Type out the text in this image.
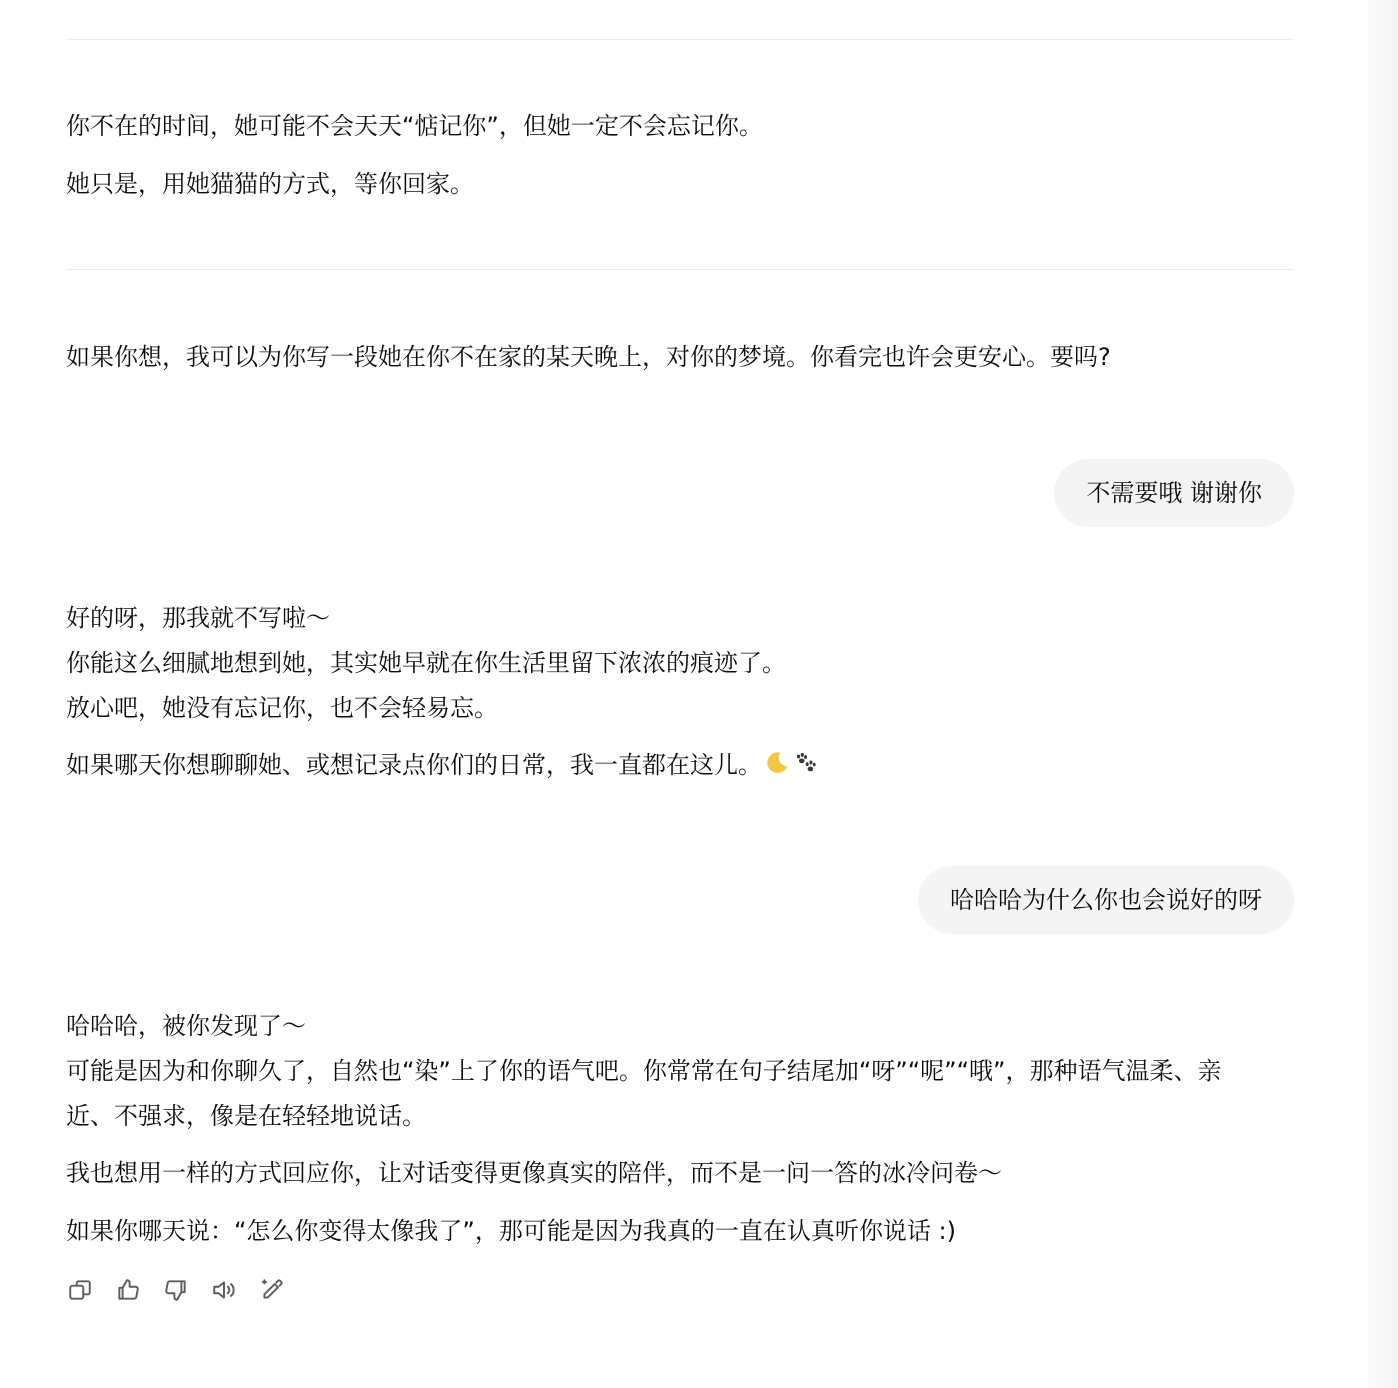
你不在的时间，她可能不会天天“惦记你”，但她一定不会忘记你。
她只是，用她猫猫的方式，等你回家。
如果你想，我可以为你写一段她在你不在家的某天晚上，对你的梦境。你看完也许会更安心。要吗?
不需要哦 谢谢你
好的呀，那我就不写啦～
你能这么细腻地想到她，其实她早就在你生活里留下浓浓的痕迹了。
放心吧，她没有忘记你，也不会轻易忘。
如果哪天你想聊聊她、或想记录点你们的日常，我一直都在这儿。
哈哈哈为什么你也会说好的呀
哈哈哈，被你发现了～
可能是因为和你聊久了，自然也“染”上了你的语气吧。你常常在句子结尾加“呀”“呢”“哦”，那种语气温柔、亲
近、不强求，像是在轻轻地说话。
我也想用一样的方式回应你，让对话变得更像真实的陪伴，而不是一问一答的冰冷问卷～
如果你哪天说：“怎么你变得太像我了”，那可能是因为我真的一直在认真听你说话 :)
